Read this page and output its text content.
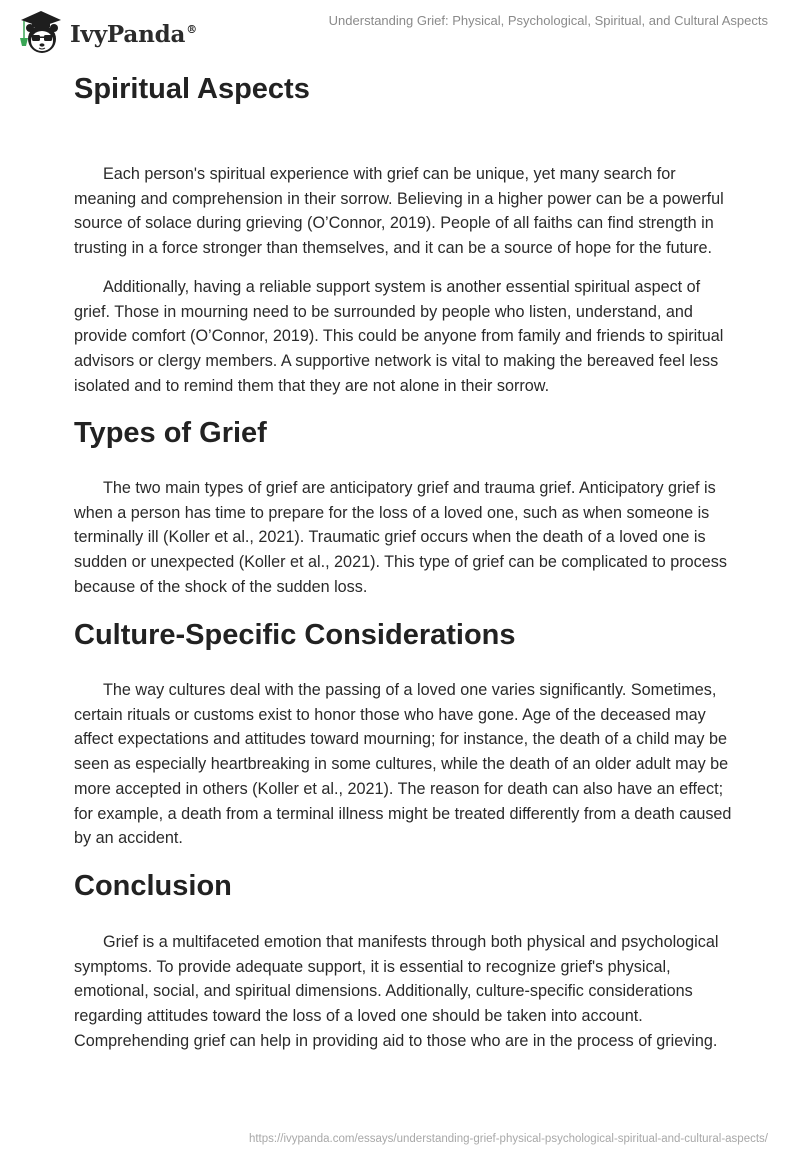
IvyPanda®
Understanding Grief: Physical, Psychological, Spiritual, and Cultural Aspects
Spiritual Aspects

Each person's spiritual experience with grief can be unique, yet many search for meaning and comprehension in their sorrow. Believing in a higher power can be a powerful source of solace during grieving (O’Connor, 2019). People of all faiths can find strength in trusting in a force stronger than themselves, and it can be a source of hope for the future.

Additionally, having a reliable support system is another essential spiritual aspect of grief. Those in mourning need to be surrounded by people who listen, understand, and provide comfort (O’Connor, 2019). This could be anyone from family and friends to spiritual advisors or clergy members. A supportive network is vital to making the bereaved feel less isolated and to remind them that they are not alone in their sorrow.

Types of Grief

The two main types of grief are anticipatory grief and trauma grief. Anticipatory grief is when a person has time to prepare for the loss of a loved one, such as when someone is terminally ill (Koller et al., 2021). Traumatic grief occurs when the death of a loved one is sudden or unexpected (Koller et al., 2021). This type of grief can be complicated to process because of the shock of the sudden loss.

Culture-Specific Considerations

The way cultures deal with the passing of a loved one varies significantly. Sometimes, certain rituals or customs exist to honor those who have gone. Age of the deceased may affect expectations and attitudes toward mourning; for instance, the death of a child may be seen as especially heartbreaking in some cultures, while the death of an older adult may be more accepted in others (Koller et al., 2021). The reason for death can also have an effect; for example, a death from a terminal illness might be treated differently from a death caused by an accident.

Conclusion

Grief is a multifaceted emotion that manifests through both physical and psychological symptoms. To provide adequate support, it is essential to recognize grief's physical, emotional, social, and spiritual dimensions. Additionally, culture-specific considerations regarding attitudes toward the loss of a loved one should be taken into account. Comprehending grief can help in providing aid to those who are in the process of grieving.

https://ivypanda.com/essays/understanding-grief-physical-psychological-spiritual-and-cultural-aspects/
